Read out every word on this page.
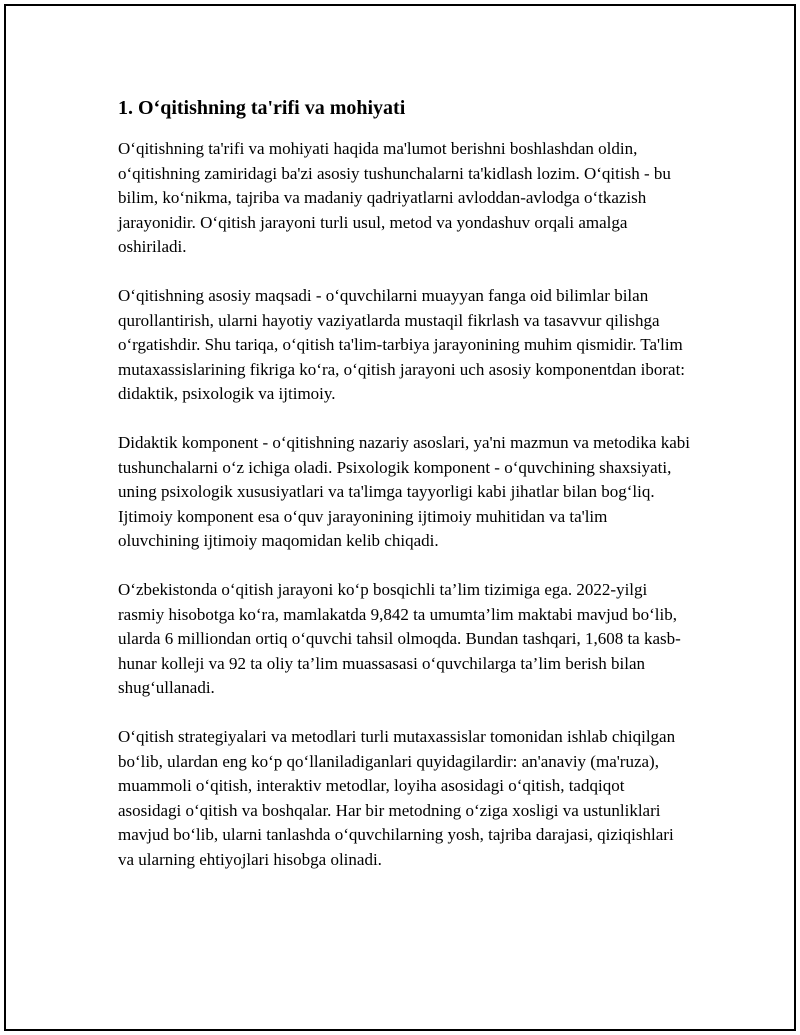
1. O‘qitishning ta'rifi va mohiyati

O‘qitishning ta'rifi va mohiyati haqida ma'lumot berishni boshlashdan oldin, o‘qitishning zamiridagi ba'zi asosiy tushunchalarni ta'kidlash lozim. O‘qitish - bu bilim, ko‘nikma, tajriba va madaniy qadriyatlarni avloddan-avlodga o‘tkazish jarayonidir. O‘qitish jarayoni turli usul, metod va yondashuv orqali amalga oshiriladi.

O‘qitishning asosiy maqsadi - o‘quvchilarni muayyan fanga oid bilimlar bilan qurollantirish, ularni hayotiy vaziyatlarda mustaqil fikrlash va tasavvur qilishga o‘rgatishdir. Shu tariqa, o‘qitish ta'lim-tarbiya jarayonining muhim qismidir. Ta'lim mutaxassislarining fikriga ko‘ra, o‘qitish jarayoni uch asosiy komponentdan iborat: didaktik, psixologik va ijtimoiy.

Didaktik komponent - o‘qitishning nazariy asoslari, ya'ni mazmun va metodika kabi tushunchalarni o‘z ichiga oladi. Psixologik komponent - o‘quvchining shaxsiyati, uning psixologik xususiyatlari va ta'limga tayyorligi kabi jihatlar bilan bog‘liq. Ijtimoiy komponent esa o‘quv jarayonining ijtimoiy muhitidan va ta'lim oluvchining ijtimoiy maqomidan kelib chiqadi.

O‘zbekistonda o‘qitish jarayoni ko‘p bosqichli ta’lim tizimiga ega. 2022-yilgi rasmiy hisobotga ko‘ra, mamlakatda 9,842 ta umumta’lim maktabi mavjud bo‘lib, ularda 6 milliondan ortiq o‘quvchi tahsil olmoqda. Bundan tashqari, 1,608 ta kasb-hunar kolleji va 92 ta oliy ta’lim muassasasi o‘quvchilarga ta’lim berish bilan shug‘ullanadi.

O‘qitish strategiyalari va metodlari turli mutaxassislar tomonidan ishlab chiqilgan bo‘lib, ulardan eng ko‘p qo‘llaniladiganlari quyidagilardir: an'anaviy (ma'ruza), muammoli o‘qitish, interaktiv metodlar, loyiha asosidagi o‘qitish, tadqiqot asosidagi o‘qitish va boshqalar. Har bir metodning o‘ziga xosligi va ustunliklari mavjud bo‘lib, ularni tanlashda o‘quvchilarning yosh, tajriba darajasi, qiziqishlari va ularning ehtiyojlari hisobga olinadi.
